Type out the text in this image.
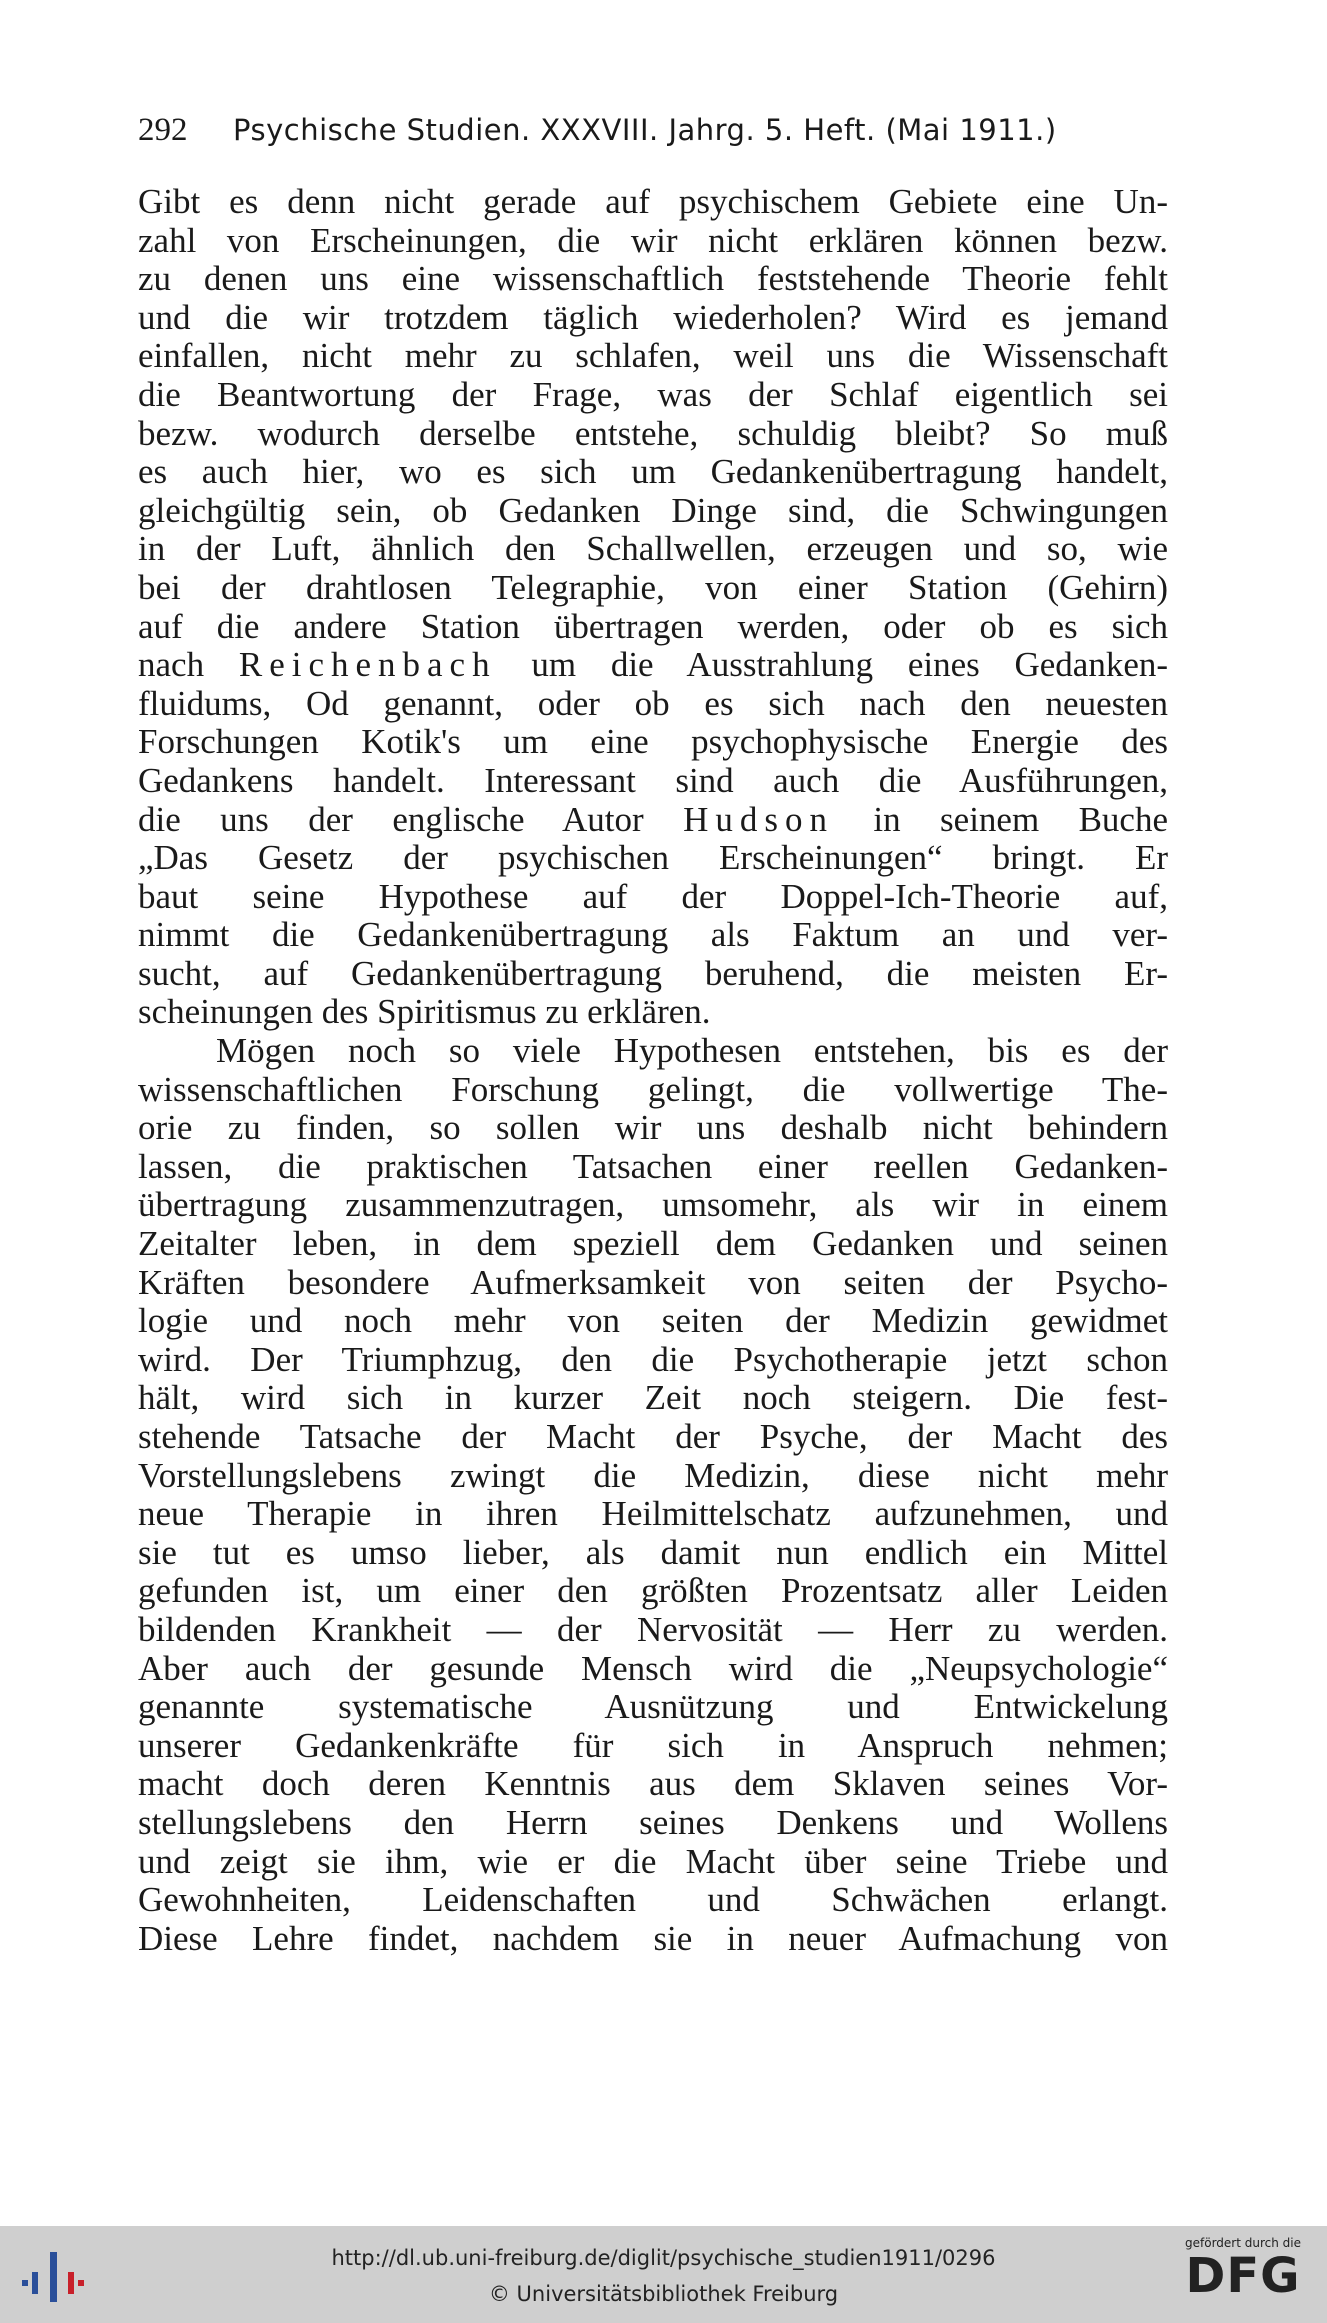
292	Psychische Studien. XXXVIII. Jahrg. 5. Heft. (Mai 1911.)
Gibt es denn nicht gerade auf psychischem Gebiete eine Un-
zahl von Erscheinungen, die wir nicht erklären können bezw.
zu denen uns eine wissenschaftlich feststehende Theorie fehlt
und die wir trotzdem täglich wiederholen? Wird es jemand
einfallen, nicht mehr zu schlafen, weil uns die Wissenschaft
die Beantwortung der Frage, was der Schlaf eigentlich sei
bezw. wodurch derselbe entstehe, schuldig bleibt? So muß
es auch hier, wo es sich um Gedankenübertragung handelt,
gleichgültig sein, ob Gedanken Dinge sind, die Schwingungen
in der Luft, ähnlich den Schallwellen, erzeugen und so, wie
bei der drahtlosen Telegraphie, von einer Station (Gehirn)
auf die andere Station übertragen werden, oder ob es sich
nach Reichenbach um die Ausstrahlung eines Gedanken-
fluidums, Od genannt, oder ob es sich nach den neuesten
Forschungen Kotik's um eine psychophysische Energie des
Gedankens handelt. Interessant sind auch die Ausführungen,
die uns der englische Autor Hudson in seinem Buche
„Das Gesetz der psychischen Erscheinungen“ bringt. Er
baut seine Hypothese auf der Doppel-Ich-Theorie auf,
nimmt die Gedankenübertragung als Faktum an und ver-
sucht, auf Gedankenübertragung beruhend, die meisten Er-
scheinungen des Spiritismus zu erklären.
Mögen noch so viele Hypothesen entstehen, bis es der
wissenschaftlichen Forschung gelingt, die vollwertige The-
orie zu finden, so sollen wir uns deshalb nicht behindern
lassen, die praktischen Tatsachen einer reellen Gedanken-
übertragung zusammenzutragen, umsomehr, als wir in einem
Zeitalter leben, in dem speziell dem Gedanken und seinen
Kräften besondere Aufmerksamkeit von seiten der Psycho-
logie und noch mehr von seiten der Medizin gewidmet
wird. Der Triumphzug, den die Psychotherapie jetzt schon
hält, wird sich in kurzer Zeit noch steigern. Die fest-
stehende Tatsache der Macht der Psyche, der Macht des
Vorstellungslebens zwingt die Medizin, diese nicht mehr
neue Therapie in ihren Heilmittelschatz aufzunehmen, und
sie tut es umso lieber, als damit nun endlich ein Mittel
gefunden ist, um einer den größten Prozentsatz aller Leiden
bildenden Krankheit — der Nervosität — Herr zu werden.
Aber auch der gesunde Mensch wird die „Neupsychologie“
genannte systematische Ausnützung und Entwickelung
unserer Gedankenkräfte für sich in Anspruch nehmen;
macht doch deren Kenntnis aus dem Sklaven seines Vor-
stellungslebens den Herrn seines Denkens und Wollens
und zeigt sie ihm, wie er die Macht über seine Triebe und
Gewohnheiten, Leidenschaften und Schwächen erlangt.
Diese Lehre findet, nachdem sie in neuer Aufmachung von
http://dl.ub.uni-freiburg.de/diglit/psychische_studien1911/0296
© Universitätsbibliothek Freiburg
gefördert durch die
DFG
